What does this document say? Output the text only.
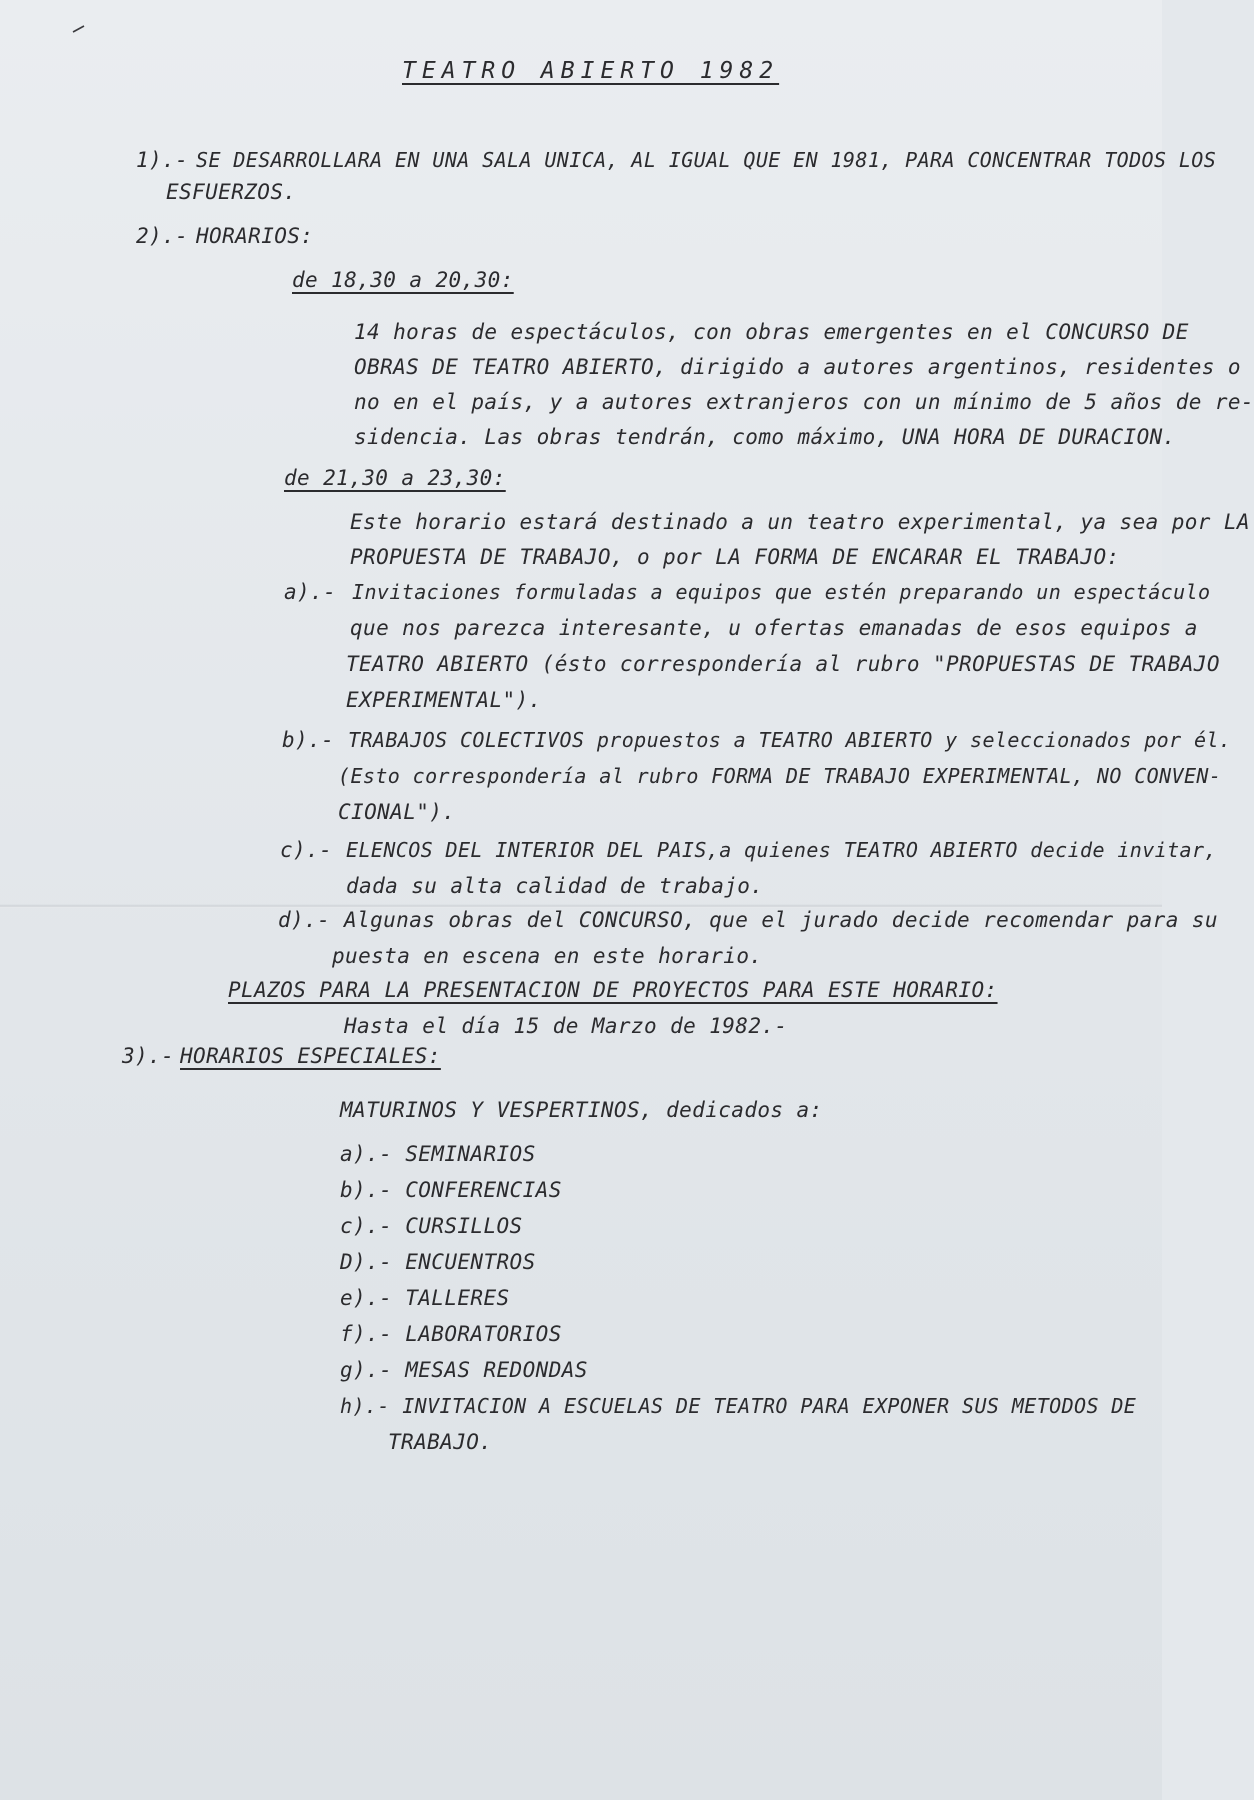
TEATRO ABIERTO 1982
1).- SE DESARROLLARA EN UNA SALA UNICA, AL IGUAL QUE EN 1981, PARA CONCENTRAR TODOS LOS
ESFUERZOS.
2).- HORARIOS:
de 18,30 a 20,30:
14 horas de espectáculos, con obras emergentes en el CONCURSO DE
OBRAS DE TEATRO ABIERTO, dirigido a autores argentinos, residentes o
no en el país, y a autores extranjeros con un mínimo de 5 años de re-
sidencia. Las obras tendrán, como máximo, UNA HORA DE DURACION.
de 21,30 a 23,30:
Este horario estará destinado a un teatro experimental, ya sea por LA
PROPUESTA DE TRABAJO, o por LA FORMA DE ENCARAR EL TRABAJO:
a).- Invitaciones formuladas a equipos que estén preparando un espectáculo
que nos parezca interesante, u ofertas emanadas de esos equipos a
TEATRO ABIERTO (ésto correspondería al rubro "PROPUESTAS DE TRABAJO
EXPERIMENTAL").
b).- TRABAJOS COLECTIVOS propuestos a TEATRO ABIERTO y seleccionados por él.
(Esto correspondería al rubro FORMA DE TRABAJO EXPERIMENTAL, NO CONVEN-
CIONAL").
c).- ELENCOS DEL INTERIOR DEL PAIS,a quienes TEATRO ABIERTO decide invitar,
dada su alta calidad de trabajo.
d).- Algunas obras del CONCURSO, que el jurado decide recomendar para su
puesta en escena en este horario.
PLAZOS PARA LA PRESENTACION DE PROYECTOS PARA ESTE HORARIO:
Hasta el día 15 de Marzo de 1982.-
3).- HORARIOS ESPECIALES:
MATURINOS Y VESPERTINOS, dedicados a:
a).- SEMINARIOS
b).- CONFERENCIAS
c).- CURSILLOS
D).- ENCUENTROS
e).- TALLERES
f).- LABORATORIOS
g).- MESAS REDONDAS
h).- INVITACION A ESCUELAS DE TEATRO PARA EXPONER SUS METODOS DE
TRABAJO.
